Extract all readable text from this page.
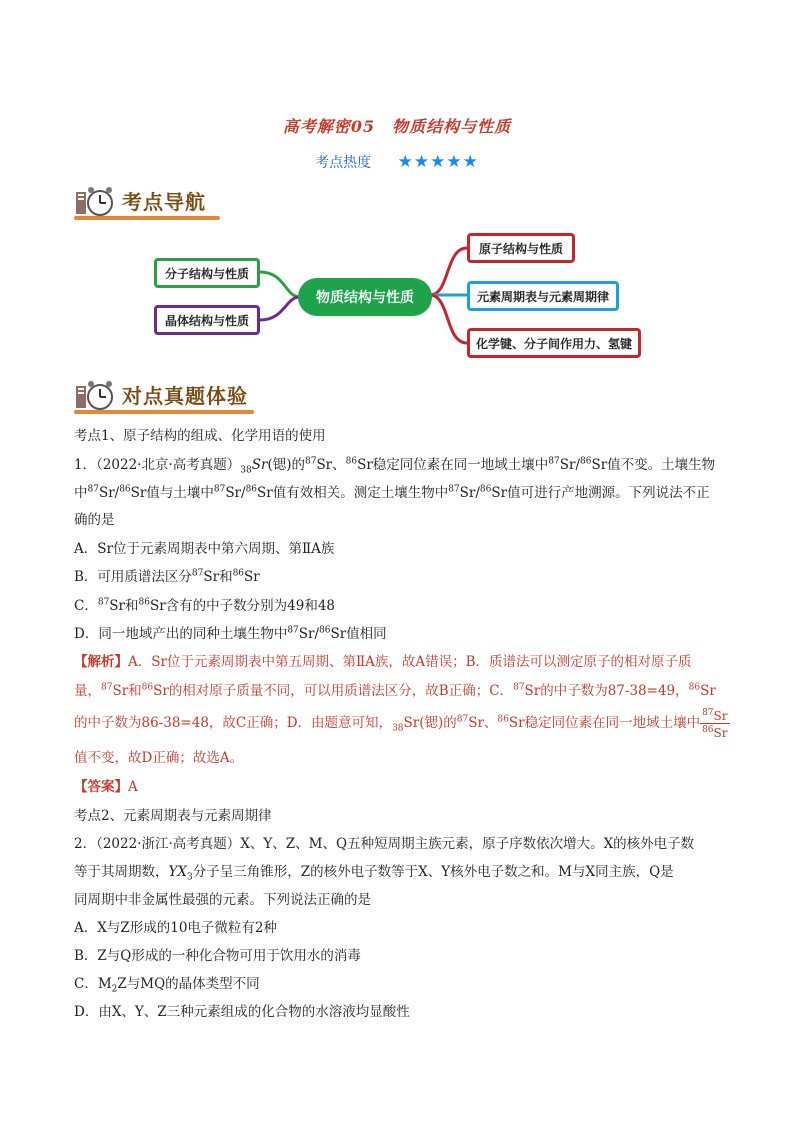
高考解密05　物质结构与性质
考点热度 ★★★★★
考点导航
分子结构与性质
晶体结构与性质
物质结构与性质
原子结构与性质
元素周期表与元素周期律
化学键、分子间作用力、氢键
对点真题体验
考点1、原子结构的组成、化学用语的使用
1．（2022·北京·高考真题）$_{38}Sr$(锶)的$^{87}$Sr、$^{86}$Sr稳定同位素在同一地域土壤中$^{87}$Sr/$^{86}$Sr值不变。土壤生物
中$^{87}$Sr/$^{86}$Sr值与土壤中$^{87}$Sr/$^{86}$Sr值有效相关。测定土壤生物中$^{87}$Sr/$^{86}$Sr值可进行产地溯源。下列说法不正
确的是
A．Sr位于元素周期表中第六周期、第ⅡA族
B．可用质谱法区分$^{87}$Sr和$^{86}$Sr
C．$^{87}$Sr和$^{86}$Sr含有的中子数分别为49和48
D．同一地域产出的同种土壤生物中$^{87}$Sr/$^{86}$Sr值相同
【解析】A．Sr位于元素周期表中第五周期、第ⅡA族，故A错误；B．质谱法可以测定原子的相对原子质
量，$^{87}$Sr和$^{86}$Sr的相对原子质量不同，可以用质谱法区分，故B正确；C．$^{87}$Sr的中子数为87-38=49，$^{86}$Sr
的中子数为86-38=48，故C正确；D．由题意可知，$_{38}$Sr(锶)的$^{87}$Sr、$^{86}$Sr稳定同位素在同一地域土壤中 $\frac{^{87}Sr}{^{86}Sr}$
值不变，故D正确；故选A。
【答案】A
考点2、元素周期表与元素周期律
2．（2022·浙江·高考真题）X、Y、Z、M、Q五种短周期主族元素，原子序数依次增大。X的核外电子数
等于其周期数，$YX_3$分子呈三角锥形，Z的核外电子数等于X、Y核外电子数之和。M与X同主族，Q是
同周期中非金属性最强的元素。下列说法正确的是
A．X与Z形成的10电子微粒有2种
B．Z与Q形成的一种化合物可用于饮用水的消毒
C．$M_2Z$与MQ的晶体类型不同
D．由X、Y、Z三种元素组成的化合物的水溶液均显酸性
